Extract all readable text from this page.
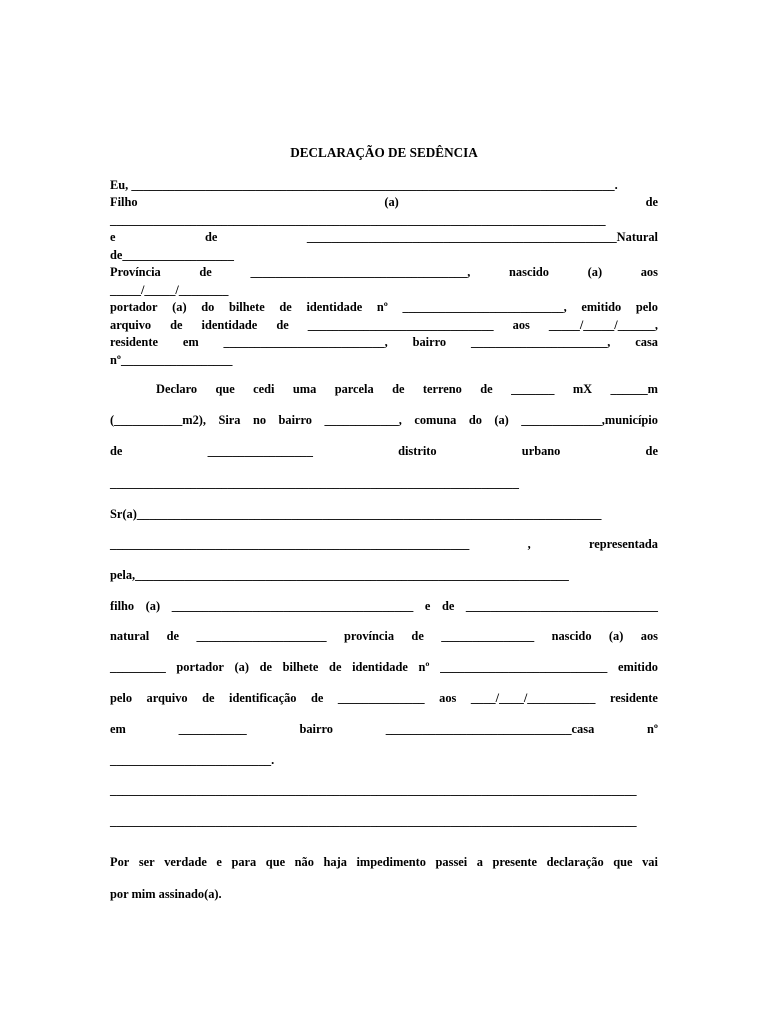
DECLARAÇÃO DE SEDÊNCIA
Eu, ______________________________________________________________________________.
Filho	(a)	de
________________________________________________________________________________
e	de	__________________________________________________Natural
de__________________
Província	de	___________________________________,	nascido	(a)	aos
_____/_____/________
portador (a) do bilhete de identidade nº __________________________, emitido pelo
arquivo de identidade de ______________________________ aos _____/_____/______,
residente em __________________________, bairro ______________________, casa
nº__________________
Declaro que cedi uma parcela de terreno de _______ mX ______m
(___________m2), Sira no bairro ____________, comuna do (a) _____________,município
de	_________________	distrito	urbano	de
__________________________________________________________________
Sr(a)___________________________________________________________________________
__________________________________________________________	,	representada
pela,______________________________________________________________________
filho (a) _______________________________________ e de _______________________________
natural de _____________________ província de _______________ nascido (a) aos
_________ portador (a) de bilhete de identidade nº ___________________________ emitido
pelo arquivo de identificação de ______________ aos ____/____/___________ residente
em	___________	bairro	______________________________casa	nº
__________________________.
_____________________________________________________________________________________
_____________________________________________________________________________________
Por ser verdade e para que não haja impedimento passei a presente declaração que vai
por mim assinado(a).
